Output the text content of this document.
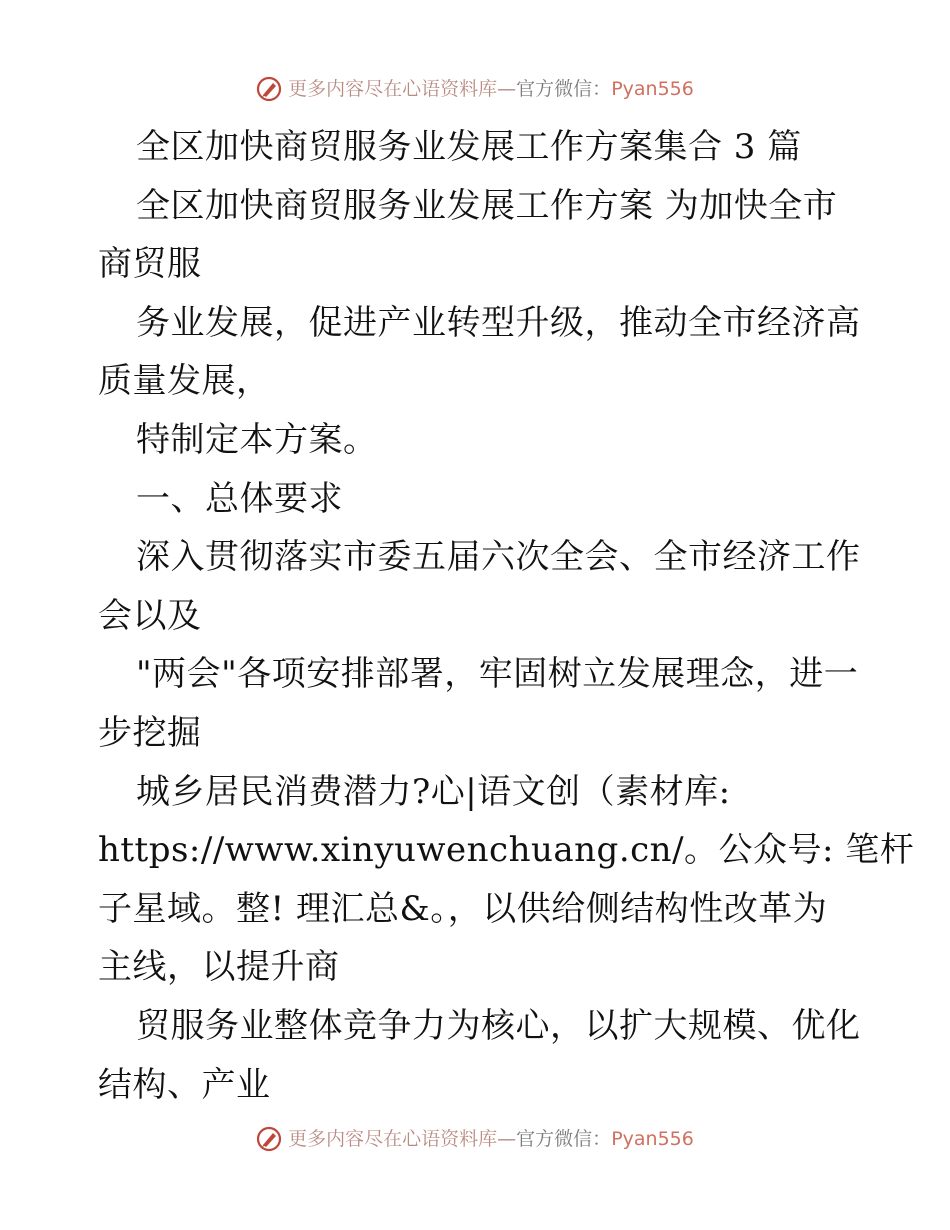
更多内容尽在心语资料库—官方微信：Pyan556
全区加快商贸服务业发展工作方案集合 3 篇
全区加快商贸服务业发展工作方案 为加快全市
商贸服
务业发展，促进产业转型升级，推动全市经济高
质量发展，
特制定本方案。
一、总体要求
深入贯彻落实市委五届六次全会、全市经济工作
会以及
"两会"各项安排部署，牢固树立发展理念，进一
步挖掘
城乡居民消费潜力?心|语文创（素材库:
https://www.xinyuwenchuang.cn/。公众号: 笔杆
子星域。整! 理汇总&。，以供给侧结构性改革为
主线，以提升商
贸服务业整体竞争力为核心，以扩大规模、优化
结构、产业
更多内容尽在心语资料库—官方微信：Pyan556
